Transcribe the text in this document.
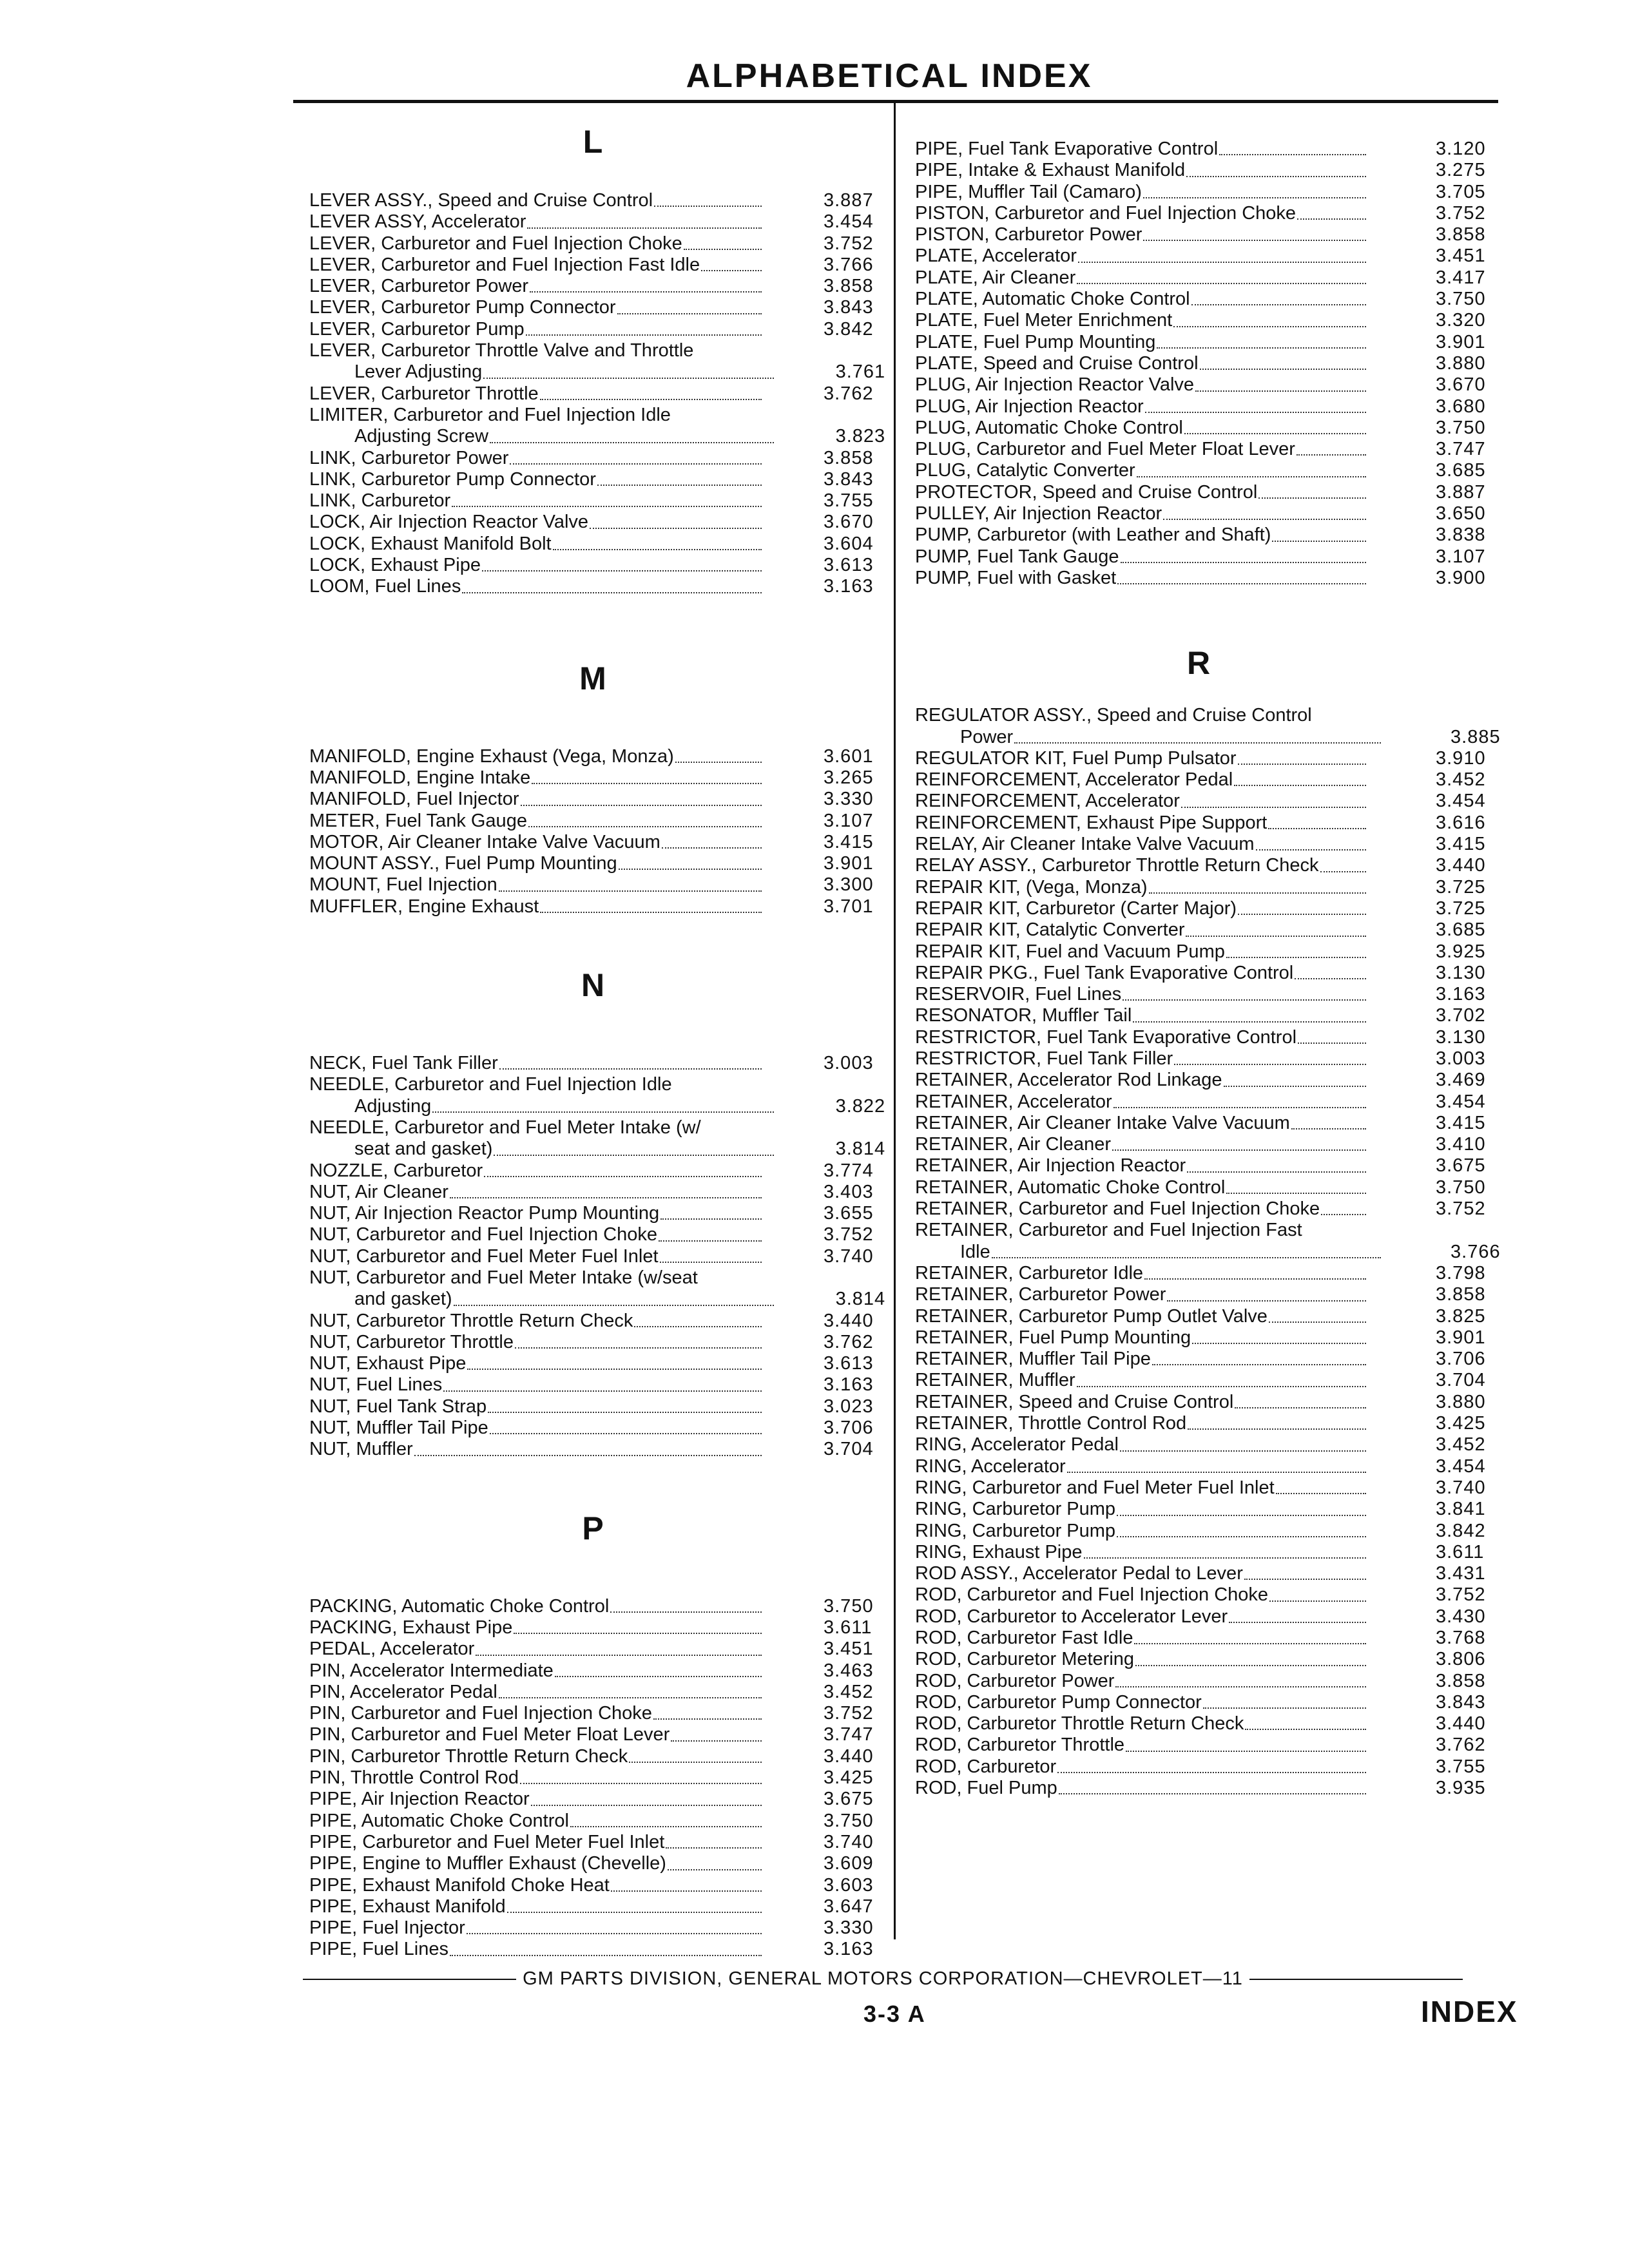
ALPHABETICAL INDEX
L
LEVER ASSY., Speed and Cruise Control	3.887
LEVER ASSY, Accelerator	3.454
LEVER, Carburetor and Fuel Injection Choke	3.752
LEVER, Carburetor and Fuel Injection Fast Idle	3.766
LEVER, Carburetor Power	3.858
LEVER, Carburetor Pump Connector	3.843
LEVER, Carburetor Pump	3.842
LEVER, Carburetor Throttle Valve and Throttle
Lever Adjusting	3.761
LEVER, Carburetor Throttle	3.762
LIMITER, Carburetor and Fuel Injection Idle
Adjusting Screw	3.823
LINK, Carburetor Power	3.858
LINK, Carburetor Pump Connector	3.843
LINK, Carburetor	3.755
LOCK, Air Injection Reactor Valve	3.670
LOCK, Exhaust Manifold Bolt	3.604
LOCK, Exhaust Pipe	3.613
LOOM, Fuel Lines	3.163
M
MANIFOLD, Engine Exhaust (Vega, Monza)	3.601
MANIFOLD, Engine Intake	3.265
MANIFOLD, Fuel Injector	3.330
METER, Fuel Tank Gauge	3.107
MOTOR, Air Cleaner Intake Valve Vacuum	3.415
MOUNT ASSY., Fuel Pump Mounting	3.901
MOUNT, Fuel Injection	3.300
MUFFLER, Engine Exhaust	3.701
N
NECK, Fuel Tank Filler	3.003
NEEDLE, Carburetor and Fuel Injection Idle
Adjusting	3.822
NEEDLE, Carburetor and Fuel Meter Intake (w/
seat and gasket)	3.814
NOZZLE, Carburetor	3.774
NUT, Air Cleaner	3.403
NUT, Air Injection Reactor Pump Mounting	3.655
NUT, Carburetor and Fuel Injection Choke	3.752
NUT, Carburetor and Fuel Meter Fuel Inlet	3.740
NUT, Carburetor and Fuel Meter Intake (w/seat
and gasket)	3.814
NUT, Carburetor Throttle Return Check	3.440
NUT, Carburetor Throttle	3.762
NUT, Exhaust Pipe	3.613
NUT, Fuel Lines	3.163
NUT, Fuel Tank Strap	3.023
NUT, Muffler Tail Pipe	3.706
NUT, Muffler	3.704
P
PACKING, Automatic Choke Control	3.750
PACKING, Exhaust Pipe	3.611
PEDAL, Accelerator	3.451
PIN, Accelerator Intermediate	3.463
PIN, Accelerator Pedal	3.452
PIN, Carburetor and Fuel Injection Choke	3.752
PIN, Carburetor and Fuel Meter Float Lever	3.747
PIN, Carburetor Throttle Return Check	3.440
PIN, Throttle Control Rod	3.425
PIPE, Air Injection Reactor	3.675
PIPE, Automatic Choke Control	3.750
PIPE, Carburetor and Fuel Meter Fuel Inlet	3.740
PIPE, Engine to Muffler Exhaust (Chevelle)	3.609
PIPE, Exhaust Manifold Choke Heat	3.603
PIPE, Exhaust Manifold	3.647
PIPE, Fuel Injector	3.330
PIPE, Fuel Lines	3.163
PIPE, Fuel Tank Evaporative Control	3.120
PIPE, Intake & Exhaust Manifold	3.275
PIPE, Muffler Tail (Camaro)	3.705
PISTON, Carburetor and Fuel Injection Choke	3.752
PISTON, Carburetor Power	3.858
PLATE, Accelerator	3.451
PLATE, Air Cleaner	3.417
PLATE, Automatic Choke Control	3.750
PLATE, Fuel Meter Enrichment	3.320
PLATE, Fuel Pump Mounting	3.901
PLATE, Speed and Cruise Control	3.880
PLUG, Air Injection Reactor Valve	3.670
PLUG, Air Injection Reactor	3.680
PLUG, Automatic Choke Control	3.750
PLUG, Carburetor and Fuel Meter Float Lever	3.747
PLUG, Catalytic Converter	3.685
PROTECTOR, Speed and Cruise Control	3.887
PULLEY, Air Injection Reactor	3.650
PUMP, Carburetor (with Leather and Shaft)	3.838
PUMP, Fuel Tank Gauge	3.107
PUMP, Fuel with Gasket	3.900
R
REGULATOR ASSY., Speed and Cruise Control
Power	3.885
REGULATOR KIT, Fuel Pump Pulsator	3.910
REINFORCEMENT, Accelerator Pedal	3.452
REINFORCEMENT, Accelerator	3.454
REINFORCEMENT, Exhaust Pipe Support	3.616
RELAY, Air Cleaner Intake Valve Vacuum	3.415
RELAY ASSY., Carburetor Throttle Return Check	3.440
REPAIR KIT, (Vega, Monza)	3.725
REPAIR KIT, Carburetor (Carter Major)	3.725
REPAIR KIT, Catalytic Converter	3.685
REPAIR KIT, Fuel and Vacuum Pump	3.925
REPAIR PKG., Fuel Tank Evaporative Control	3.130
RESERVOIR, Fuel Lines	3.163
RESONATOR, Muffler Tail	3.702
RESTRICTOR, Fuel Tank Evaporative Control	3.130
RESTRICTOR, Fuel Tank Filler	3.003
RETAINER, Accelerator Rod Linkage	3.469
RETAINER, Accelerator	3.454
RETAINER, Air Cleaner Intake Valve Vacuum	3.415
RETAINER, Air Cleaner	3.410
RETAINER, Air Injection Reactor	3.675
RETAINER, Automatic Choke Control	3.750
RETAINER, Carburetor and Fuel Injection Choke	3.752
RETAINER, Carburetor and Fuel Injection Fast
Idle	3.766
RETAINER, Carburetor Idle	3.798
RETAINER, Carburetor Power	3.858
RETAINER, Carburetor Pump Outlet Valve	3.825
RETAINER, Fuel Pump Mounting	3.901
RETAINER, Muffler Tail Pipe	3.706
RETAINER, Muffler	3.704
RETAINER, Speed and Cruise Control	3.880
RETAINER, Throttle Control Rod	3.425
RING, Accelerator Pedal	3.452
RING, Accelerator	3.454
RING, Carburetor and Fuel Meter Fuel Inlet	3.740
RING, Carburetor Pump	3.841
RING, Carburetor Pump	3.842
RING, Exhaust Pipe	3.611
ROD ASSY., Accelerator Pedal to Lever	3.431
ROD, Carburetor and Fuel Injection Choke	3.752
ROD, Carburetor to Accelerator Lever	3.430
ROD, Carburetor Fast Idle	3.768
ROD, Carburetor Metering	3.806
ROD, Carburetor Power	3.858
ROD, Carburetor Pump Connector	3.843
ROD, Carburetor Throttle Return Check	3.440
ROD, Carburetor Throttle	3.762
ROD, Carburetor	3.755
ROD, Fuel Pump	3.935
GM PARTS DIVISION, GENERAL MOTORS CORPORATION—CHEVROLET—11
3-3 A	INDEX
